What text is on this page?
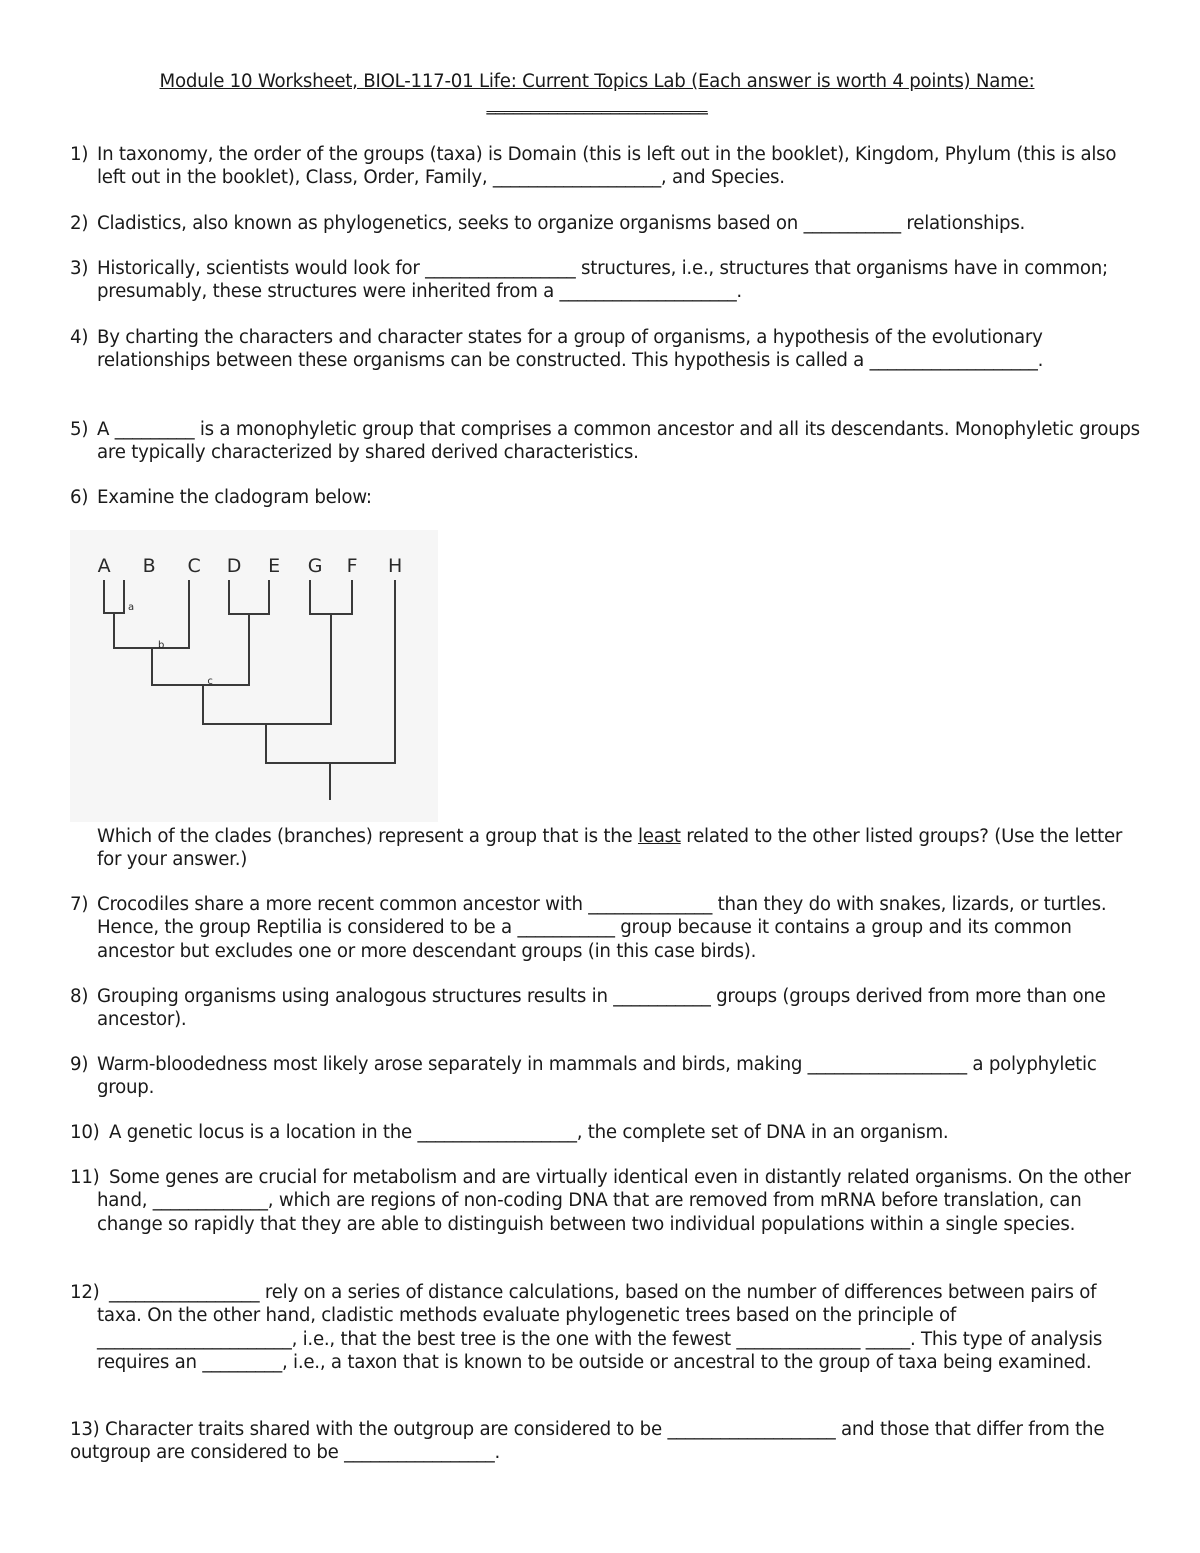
Module 10 Worksheet, BIOL-117-01 Life: Current Topics Lab (Each answer is worth 4 points) Name:
_________________________
1) In taxonomy, the order of the groups (taxa) is Domain (this is left out in the booklet), Kingdom, Phylum (this is also left out in the booklet), Class, Order, Family, ___________________, and Species.
2) Cladistics, also known as phylogenetics, seeks to organize organisms based on ___________ relationships.
3) Historically, scientists would look for _________________ structures, i.e., structures that organisms have in common; presumably, these structures were inherited from a ____________________.
4) By charting the characters and character states for a group of organisms, a hypothesis of the evolutionary relationships between these organisms can be constructed. This hypothesis is called a ___________________.
5) A _________ is a monophyletic group that comprises a common ancestor and all its descendants. Monophyletic groups are typically characterized by shared derived characteristics.
6) Examine the cladogram below:
A B C D E G F H
a
b
c
Which of the clades (branches) represent a group that is the least related to the other listed groups? (Use the letter for your answer.)
7) Crocodiles share a more recent common ancestor with ______________ than they do with snakes, lizards, or turtles. Hence, the group Reptilia is considered to be a ___________ group because it contains a group and its common ancestor but excludes one or more descendant groups (in this case birds).
8) Grouping organisms using analogous structures results in ___________ groups (groups derived from more than one ancestor).
9) Warm-bloodedness most likely arose separately in mammals and birds, making __________________ a polyphyletic group.
10) A genetic locus is a location in the __________________, the complete set of DNA in an organism.
11) Some genes are crucial for metabolism and are virtually identical even in distantly related organisms. On the other hand, _____________, which are regions of non-coding DNA that are removed from mRNA before translation, can change so rapidly that they are able to distinguish between two individual populations within a single species.
12) _________________ rely on a series of distance calculations, based on the number of differences between pairs of taxa. On the other hand, cladistic methods evaluate phylogenetic trees based on the principle of ______________________, i.e., that the best tree is the one with the fewest ______________ _____. This type of analysis requires an _________, i.e., a taxon that is known to be outside or ancestral to the group of taxa being examined.
13) Character traits shared with the outgroup are considered to be ___________________ and those that differ from the outgroup are considered to be _________________.
